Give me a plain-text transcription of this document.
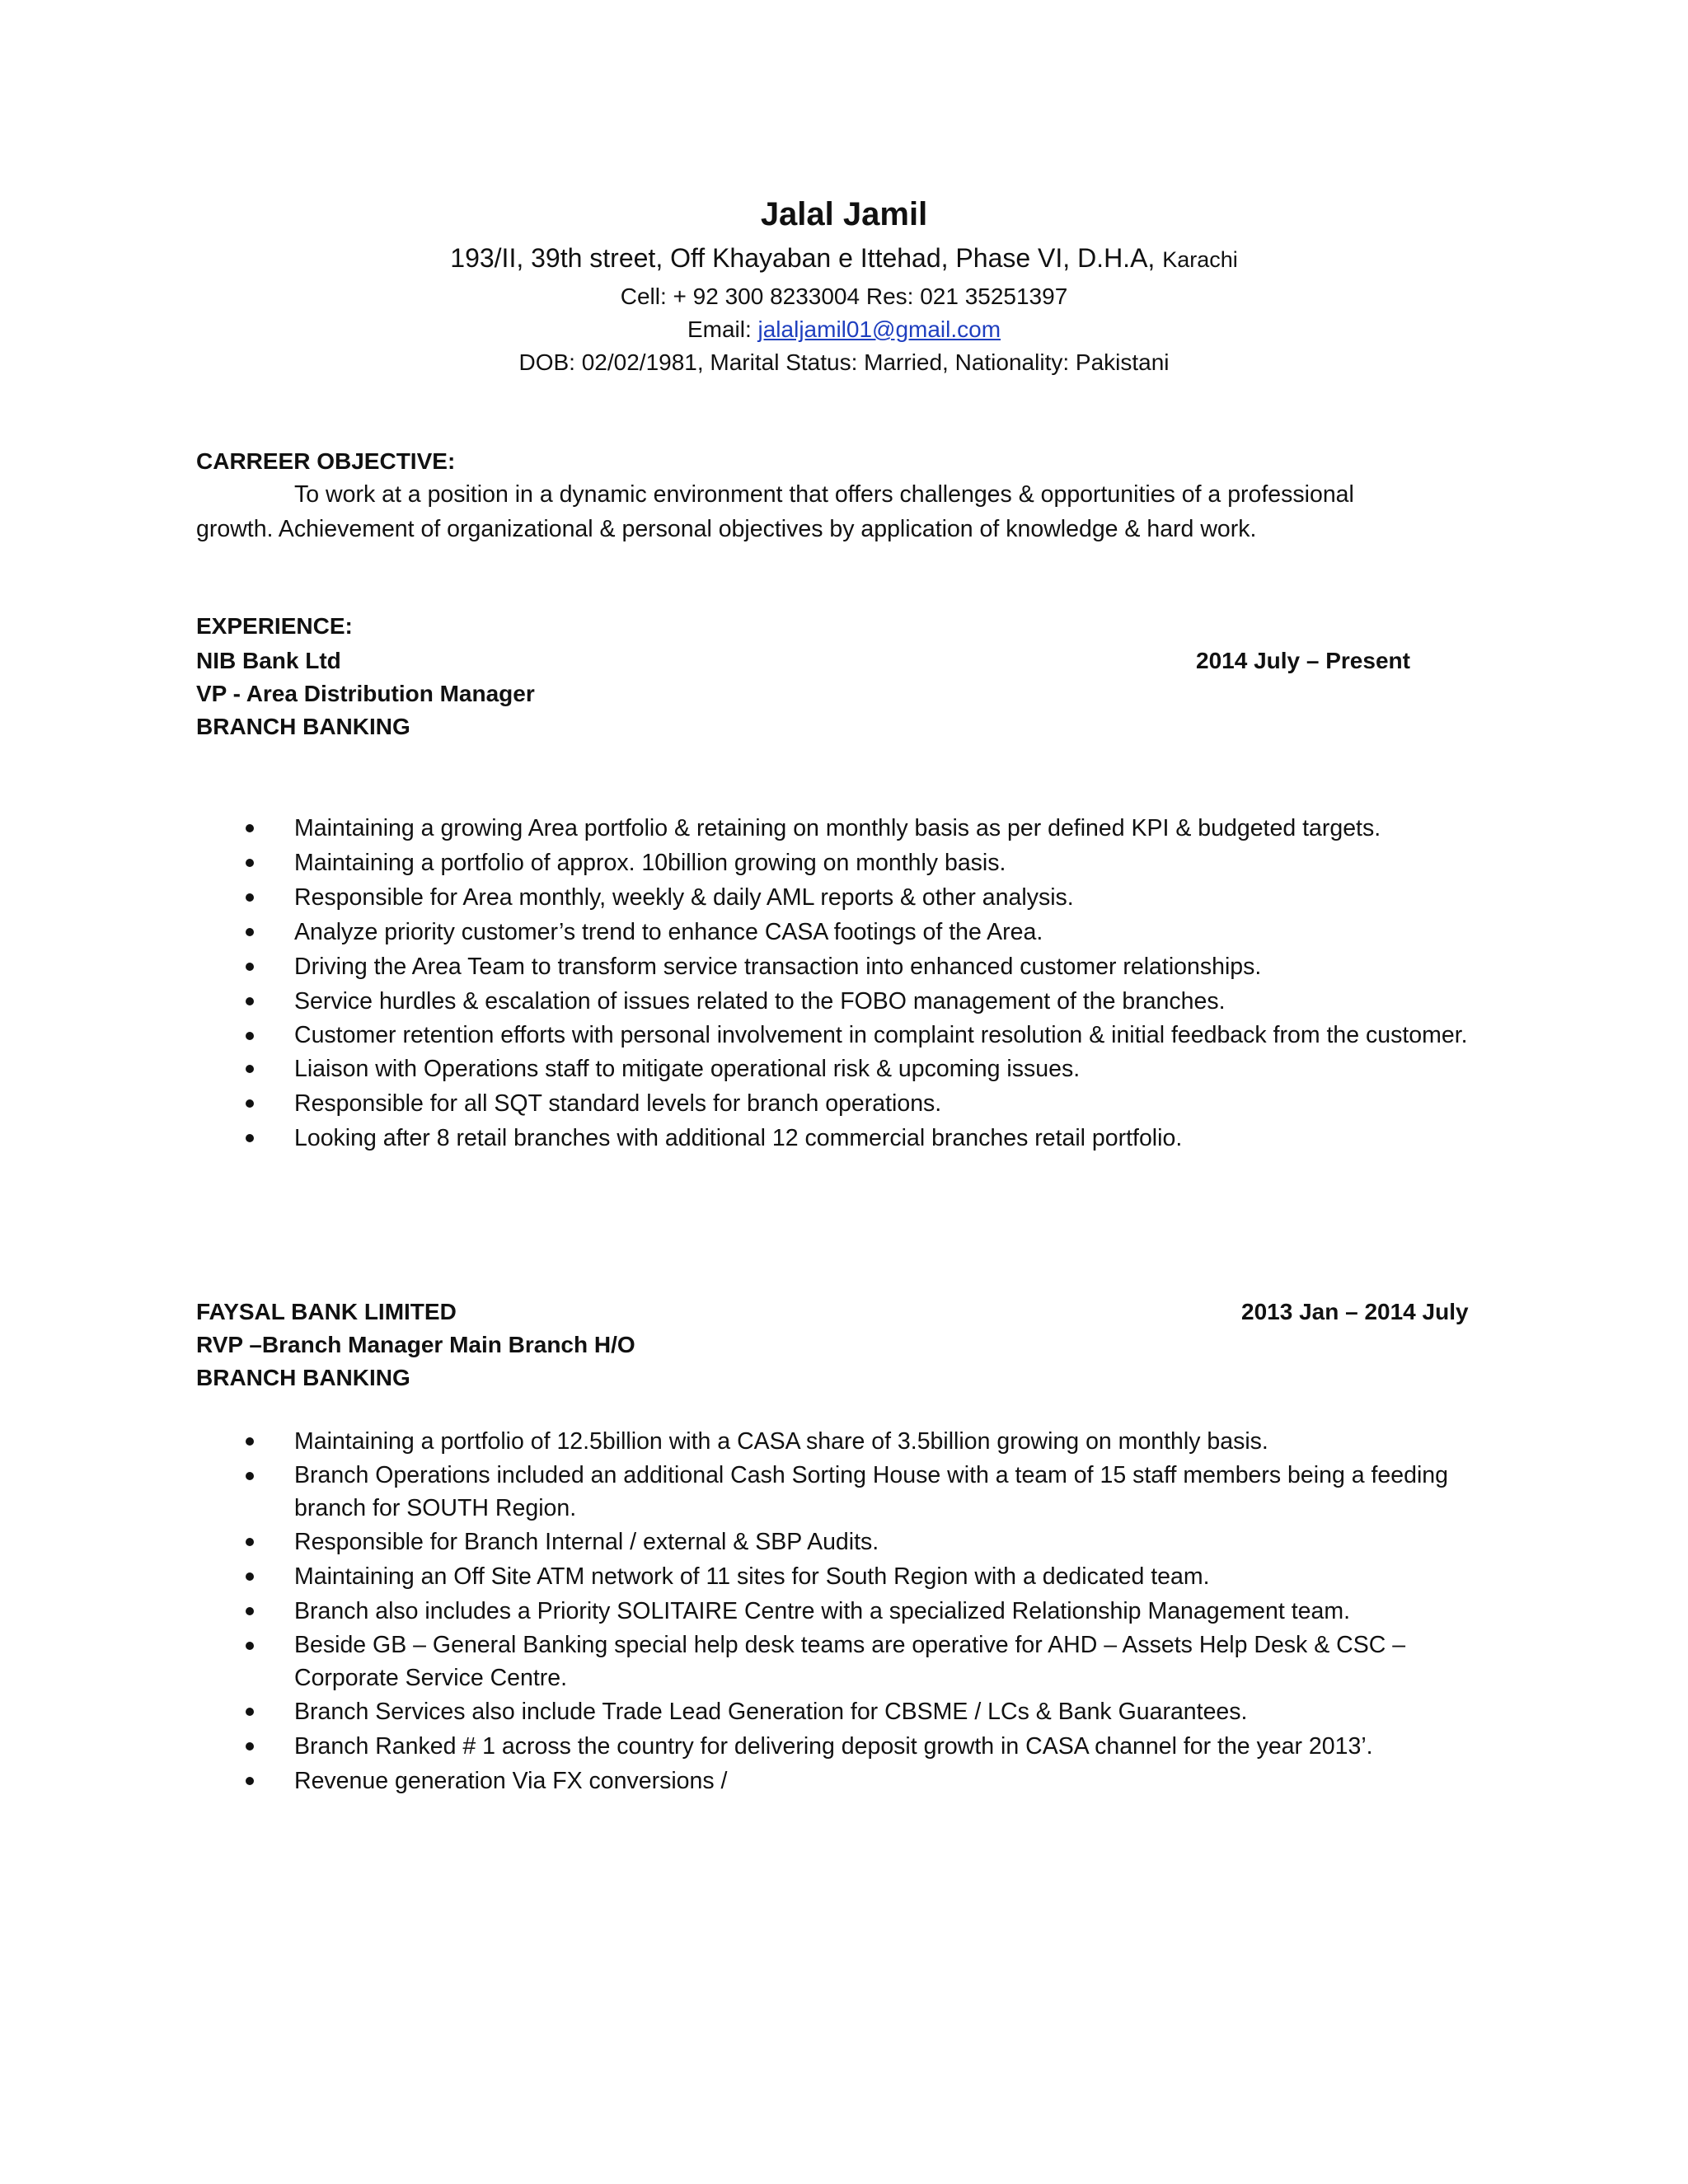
Jalal Jamil
193/II, 39th street, Off Khayaban e Ittehad, Phase VI, D.H.A, Karachi
Cell: + 92 300 8233004 Res: 021 35251397
Email: jalaljamil01@gmail.com
DOB: 02/02/1981, Marital Status: Married, Nationality: Pakistani
CARREER OBJECTIVE:
To work at a position in a dynamic environment that offers challenges & opportunities of a professional
growth. Achievement of organizational & personal objectives by application of knowledge & hard work.
EXPERIENCE:
NIB Bank Ltd	2014 July – Present
VP - Area Distribution Manager
BRANCH BANKING
Maintaining a growing Area portfolio & retaining on monthly basis as per defined KPI & budgeted targets.
Maintaining a portfolio of approx. 10billion growing on monthly basis.
Responsible for Area monthly, weekly & daily AML reports & other analysis.
Analyze priority customer’s trend to enhance CASA footings of the Area.
Driving the Area Team to transform service transaction into enhanced customer relationships.
Service hurdles & escalation of issues related to the FOBO management of the branches.
Customer retention efforts with personal involvement in complaint resolution & initial feedback from the customer.
Liaison with Operations staff to mitigate operational risk & upcoming issues.
Responsible for all SQT standard levels for branch operations.
Looking after 8 retail branches with additional 12 commercial branches retail portfolio.
FAYSAL BANK LIMITED	2013 Jan – 2014 July
RVP –Branch Manager Main Branch H/O
BRANCH BANKING
Maintaining a portfolio of 12.5billion with a CASA share of 3.5billion growing on monthly basis.
Branch Operations included an additional Cash Sorting House with a team of 15 staff members being a feeding branch for SOUTH Region.
Responsible for Branch Internal / external & SBP Audits.
Maintaining an Off Site ATM network of 11 sites for South Region with a dedicated team.
Branch also includes a Priority SOLITAIRE Centre with a specialized Relationship Management team.
Beside GB – General Banking special help desk teams are operative for AHD – Assets Help Desk & CSC – Corporate Service Centre.
Branch Services also include Trade Lead Generation for CBSME / LCs & Bank Guarantees.
Branch Ranked # 1 across the country for delivering deposit growth in CASA channel for the year 2013’.
Revenue generation Via FX conversions /
